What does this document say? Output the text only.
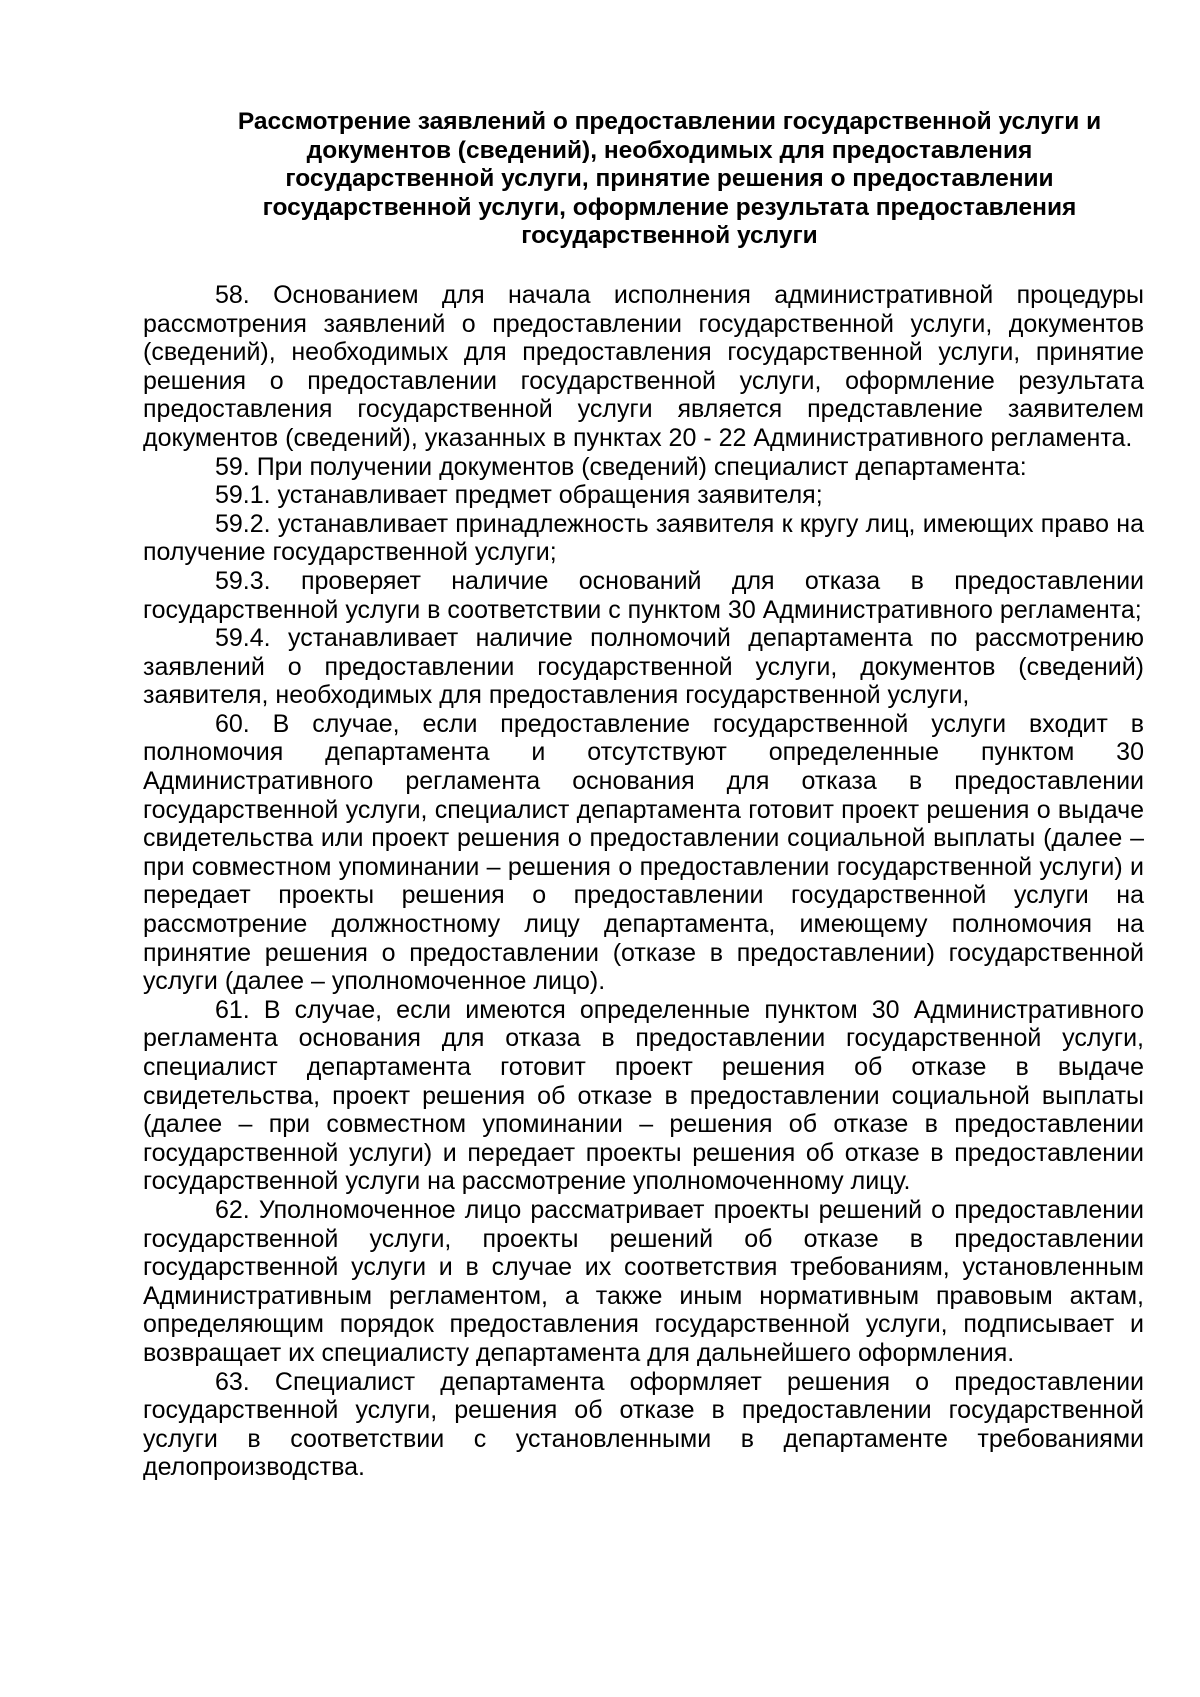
Рассмотрение заявлений о предоставлении государственной услуги и
документов (сведений), необходимых для предоставления
государственной услуги, принятие решения о предоставлении
государственной услуги, оформление результата предоставления
государственной услуги

58. Основанием для начала исполнения административной процедуры рассмотрения заявлений о предоставлении государственной услуги, документов (сведений), необходимых для предоставления государственной услуги, принятие решения о предоставлении государственной услуги, оформление результата предоставления государственной услуги является представление заявителем документов (сведений), указанных в пунктах 20 - 22 Административного регламента.

59. При получении документов (сведений) специалист департамента:

59.1. устанавливает предмет обращения заявителя;

59.2. устанавливает принадлежность заявителя к кругу лиц, имеющих право на получение государственной услуги;

59.3. проверяет наличие оснований для отказа в предоставлении государственной услуги в соответствии с пунктом 30 Административного регламента;

59.4. устанавливает наличие полномочий департамента по рассмотрению заявлений о предоставлении государственной услуги, документов (сведений) заявителя, необходимых для предоставления государственной услуги,

60. В случае, если предоставление государственной услуги входит в полномочия департамента и отсутствуют определенные пунктом 30 Административного регламента основания для отказа в предоставлении государственной услуги, специалист департамента готовит проект решения о выдаче свидетельства или проект решения о предоставлении социальной выплаты (далее – при совместном упоминании – решения о предоставлении государственной услуги) и передает проекты решения о предоставлении государственной услуги на рассмотрение должностному лицу департамента, имеющему полномочия на принятие решения о предоставлении (отказе в предоставлении) государственной услуги (далее – уполномоченное лицо).

61. В случае, если имеются определенные пунктом 30 Административного регламента основания для отказа в предоставлении государственной услуги, специалист департамента готовит проект решения об отказе в выдаче свидетельства, проект решения об отказе в предоставлении социальной выплаты (далее – при совместном упоминании – решения об отказе в предоставлении государственной услуги) и передает проекты решения об отказе в предоставлении государственной услуги на рассмотрение уполномоченному лицу.

62. Уполномоченное лицо рассматривает проекты решений о предоставлении государственной услуги, проекты решений об отказе в предоставлении государственной услуги и в случае их соответствия требованиям, установленным Административным регламентом, а также иным нормативным правовым актам, определяющим порядок предоставления государственной услуги, подписывает и возвращает их специалисту департамента для дальнейшего оформления.

63. Специалист департамента оформляет решения о предоставлении государственной услуги, решения об отказе в предоставлении государственной услуги в соответствии с установленными в департаменте требованиями делопроизводства.
